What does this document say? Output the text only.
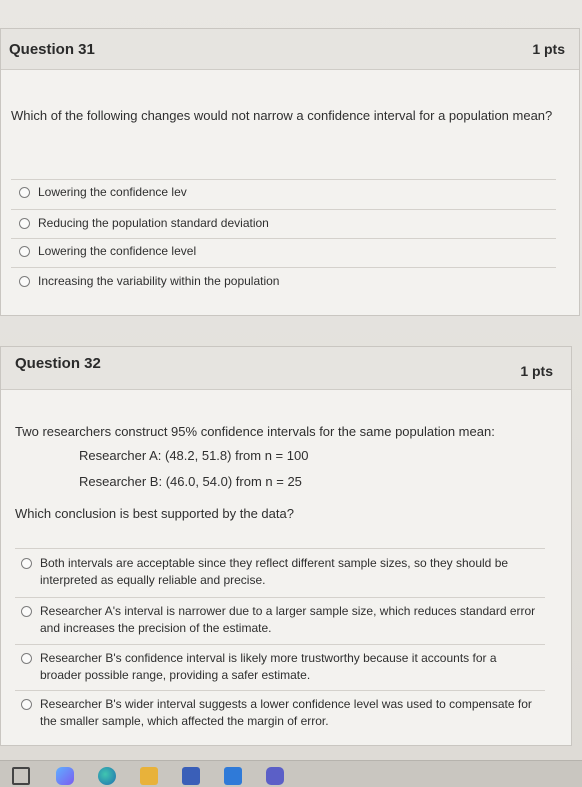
Question 31	1 pts
Which of the following changes would not narrow a confidence interval for a population mean?
Lowering the confidence lev
Reducing the population standard deviation
Lowering the confidence level
Increasing the variability within the population
Question 32	1 pts
Two researchers construct 95% confidence intervals for the same population mean:
Researcher A: (48.2, 51.8) from n = 100
Researcher B: (46.0, 54.0) from n = 25
Which conclusion is best supported by the data?
Both intervals are acceptable since they reflect different sample sizes, so they should be interpreted as equally reliable and precise.
Researcher A's interval is narrower due to a larger sample size, which reduces standard error and increases the precision of the estimate.
Researcher B's confidence interval is likely more trustworthy because it accounts for a broader possible range, providing a safer estimate.
Researcher B's wider interval suggests a lower confidence level was used to compensate for the smaller sample, which affected the margin of error.
